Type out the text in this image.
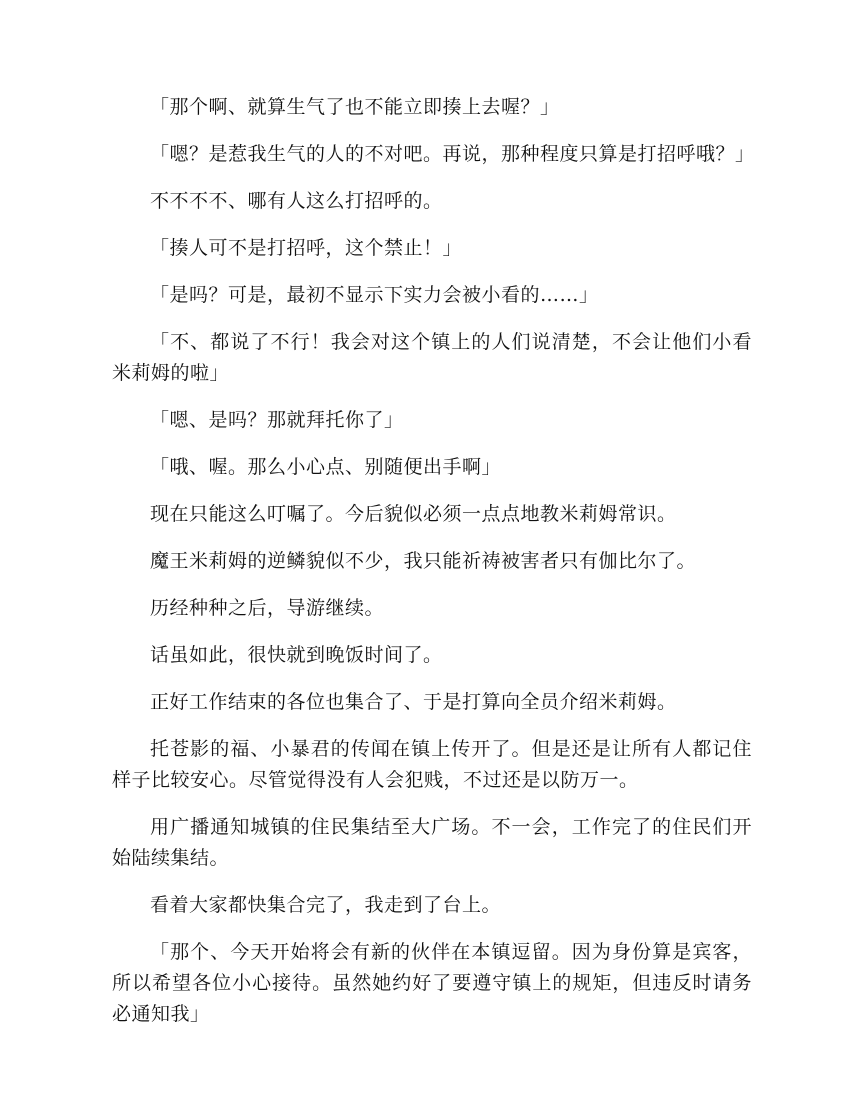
「那个啊、就算生气了也不能立即揍上去喔？」

「嗯？是惹我生气的人的不对吧。再说，那种程度只算是打招呼哦？」

不不不不、哪有人这么打招呼的。

「揍人可不是打招呼，这个禁止！」

「是吗？可是，最初不显示下实力会被小看的……」

「不、都说了不行！我会对这个镇上的人们说清楚，不会让他们小看米莉姆的啦」

「嗯、是吗？那就拜托你了」

「哦、喔。那么小心点、别随便出手啊」

现在只能这么叮嘱了。今后貌似必须一点点地教米莉姆常识。

魔王米莉姆的逆鳞貌似不少，我只能祈祷被害者只有伽比尔了。

历经种种之后，导游继续。

话虽如此，很快就到晚饭时间了。

正好工作结束的各位也集合了、于是打算向全员介绍米莉姆。

托苍影的福、小暴君的传闻在镇上传开了。但是还是让所有人都记住样子比较安心。尽管觉得没有人会犯贱，不过还是以防万一。

用广播通知城镇的住民集结至大广场。不一会，工作完了的住民们开始陆续集结。

看着大家都快集合完了，我走到了台上。

「那个、今天开始将会有新的伙伴在本镇逗留。因为身份算是宾客，所以希望各位小心接待。虽然她约好了要遵守镇上的规矩，但违反时请务必通知我」
